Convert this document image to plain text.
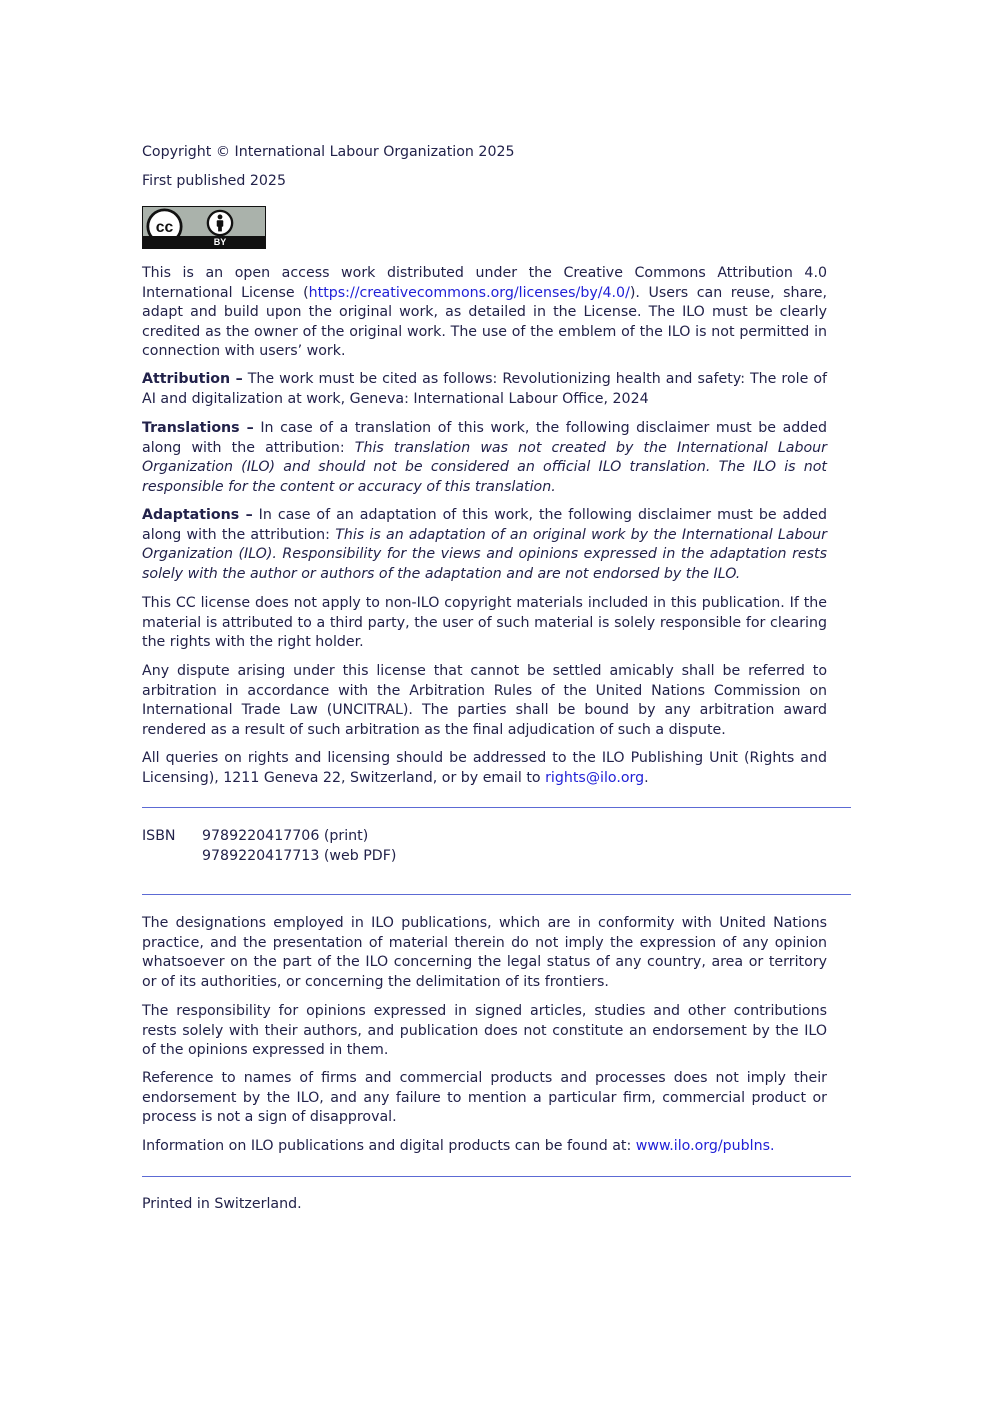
Copyright © International Labour Organization 2025

First published 2025

cc
BY

This is an open access work distributed under the Creative Commons Attribution 4.0 International License (https://creativecommons.org/licenses/by/4.0/). Users can reuse, share, adapt and build upon the original work, as detailed in the License. The ILO must be clearly credited as the owner of the original work. The use of the emblem of the ILO is not permitted in connection with users’ work.

Attribution – The work must be cited as follows: Revolutionizing health and safety: The role of AI and digitalization at work, Geneva: International Labour Office, 2024

Translations – In case of a translation of this work, the following disclaimer must be added along with the attribution: This translation was not created by the International Labour Organization (ILO) and should not be considered an official ILO translation. The ILO is not responsible for the content or accuracy of this translation.

Adaptations – In case of an adaptation of this work, the following disclaimer must be added along with the attribution: This is an adaptation of an original work by the International Labour Organization (ILO). Responsibility for the views and opinions expressed in the adaptation rests solely with the author or authors of the adaptation and are not endorsed by the ILO.

This CC license does not apply to non-ILO copyright materials included in this publication. If the material is attributed to a third party, the user of such material is solely responsible for clearing the rights with the right holder.

Any dispute arising under this license that cannot be settled amicably shall be referred to arbitration in accordance with the Arbitration Rules of the United Nations Commission on International Trade Law (UNCITRAL). The parties shall be bound by any arbitration award rendered as a result of such arbitration as the final adjudication of such a dispute.

All queries on rights and licensing should be addressed to the ILO Publishing Unit (Rights and Licensing), 1211 Geneva 22, Switzerland, or by email to rights@ilo.org.

ISBN 9789220417706 (print)
9789220417713 (web PDF)

The designations employed in ILO publications, which are in conformity with United Nations practice, and the presentation of material therein do not imply the expression of any opinion whatsoever on the part of the ILO concerning the legal status of any country, area or territory or of its authorities, or concerning the delimitation of its frontiers.

The responsibility for opinions expressed in signed articles, studies and other contributions rests solely with their authors, and publication does not constitute an endorsement by the ILO of the opinions expressed in them.

Reference to names of firms and commercial products and processes does not imply their endorsement by the ILO, and any failure to mention a particular firm, commercial product or process is not a sign of disapproval.

Information on ILO publications and digital products can be found at: www.ilo.org/publns.

Printed in Switzerland.
